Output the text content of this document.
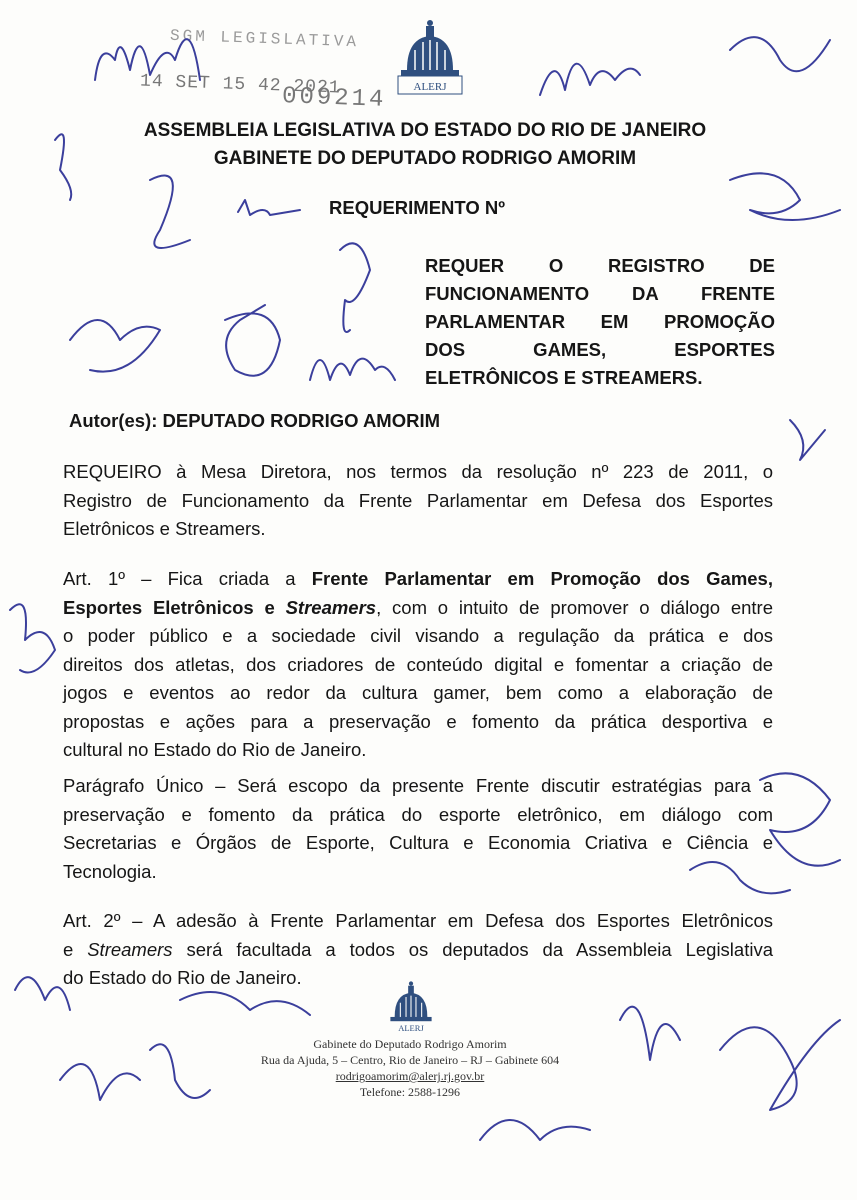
SGM LEGISLATIVA
14 SET 15 42 2021
009214 ALERJ
ASSEMBLEIA LEGISLATIVA DO ESTADO DO RIO DE JANEIRO
GABINETE DO DEPUTADO RODRIGO AMORIM
REQUERIMENTO Nº
REQUER O REGISTRO DE
FUNCIONAMENTO DA FRENTE
PARLAMENTAR EM PROMOÇÃO
DOS GAMES, ESPORTES
ELETRÔNICOS E STREAMERS.
Autor(es): DEPUTADO RODRIGO AMORIM
REQUEIRO à Mesa Diretora, nos termos da resolução nº 223 de 2011, o
Registro de Funcionamento da Frente Parlamentar em Defesa dos Esportes
Eletrônicos e Streamers.
Art. 1º – Fica criada a Frente Parlamentar em Promoção dos Games,
Esportes Eletrônicos e Streamers, com o intuito de promover o diálogo entre
o poder público e a sociedade civil visando a regulação da prática e dos
direitos dos atletas, dos criadores de conteúdo digital e fomentar a criação de
jogos e eventos ao redor da cultura gamer, bem como a elaboração de
propostas e ações para a preservação e fomento da prática desportiva e
cultural no Estado do Rio de Janeiro.
Parágrafo Único – Será escopo da presente Frente discutir estratégias para a
preservação e fomento da prática do esporte eletrônico, em diálogo com
Secretarias e Órgãos de Esporte, Cultura e Economia Criativa e Ciência e
Tecnologia.
Art. 2º – A adesão à Frente Parlamentar em Defesa dos Esportes Eletrônicos
e Streamers será facultada a todos os deputados da Assembleia Legislativa
do Estado do Rio de Janeiro.
ALERJ
Gabinete do Deputado Rodrigo Amorim
Rua da Ajuda, 5 – Centro, Rio de Janeiro – RJ – Gabinete 604
rodrigoamorim@alerj.rj.gov.br
Telefone: 2588-1296
